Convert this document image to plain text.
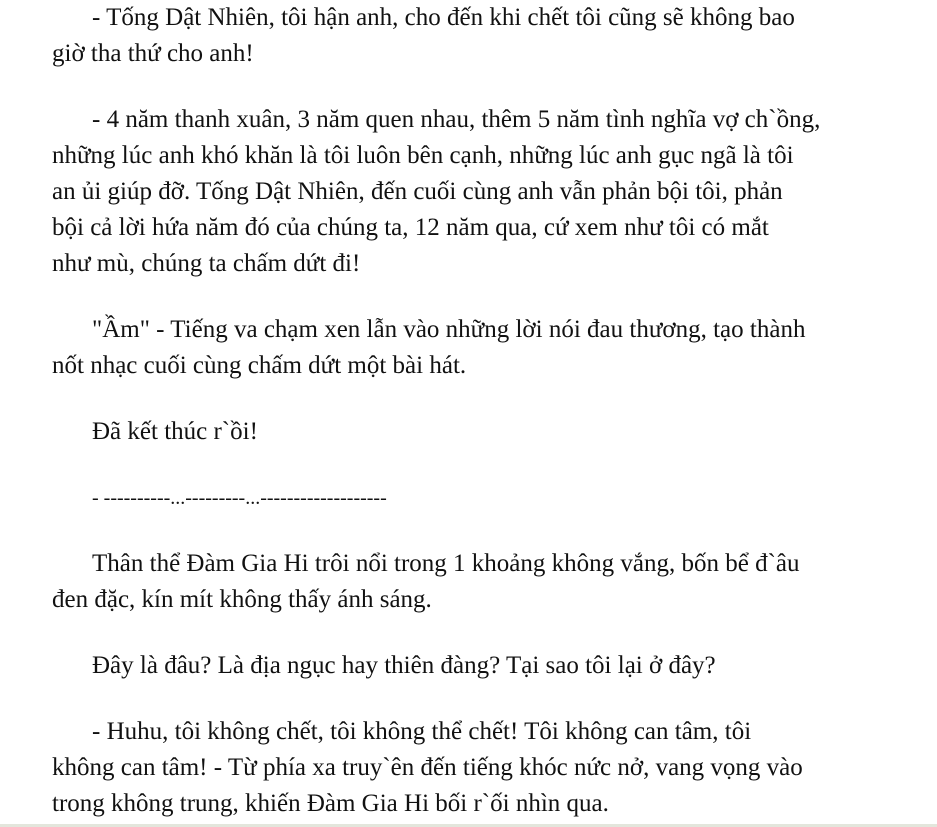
- Tống Dật Nhiên, tôi hận anh, cho đến khi chết tôi cũng sẽ không bao
giờ tha thứ cho anh!
- 4 năm thanh xuân, 3 năm quen nhau, thêm 5 năm tình nghĩa vợ ch`ồng,
những lúc anh khó khăn là tôi luôn bên cạnh, những lúc anh gục ngã là tôi
an ủi giúp đỡ. Tống Dật Nhiên, đến cuối cùng anh vẫn phản bội tôi, phản
bội cả lời hứa năm đó của chúng ta, 12 năm qua, cứ xem như tôi có mắt
như mù, chúng ta chấm dứt đi!
"Ầm" - Tiếng va chạm xen lẫn vào những lời nói đau thương, tạo thành
nốt nhạc cuối cùng chấm dứt một bài hát.
Đã kết thúc r`ồi!
- ----------...---------...-------------------
Thân thể Đàm Gia Hi trôi nổi trong 1 khoảng không vắng, bốn bể đ`âu
đen đặc, kín mít không thấy ánh sáng.
Đây là đâu? Là địa ngục hay thiên đàng? Tại sao tôi lại ở đây?
- Huhu, tôi không chết, tôi không thể chết! Tôi không can tâm, tôi
không can tâm! - Từ phía xa truy`ên đến tiếng khóc nức nở, vang vọng vào
trong không trung, khiến Đàm Gia Hi bối r`ối nhìn qua.
